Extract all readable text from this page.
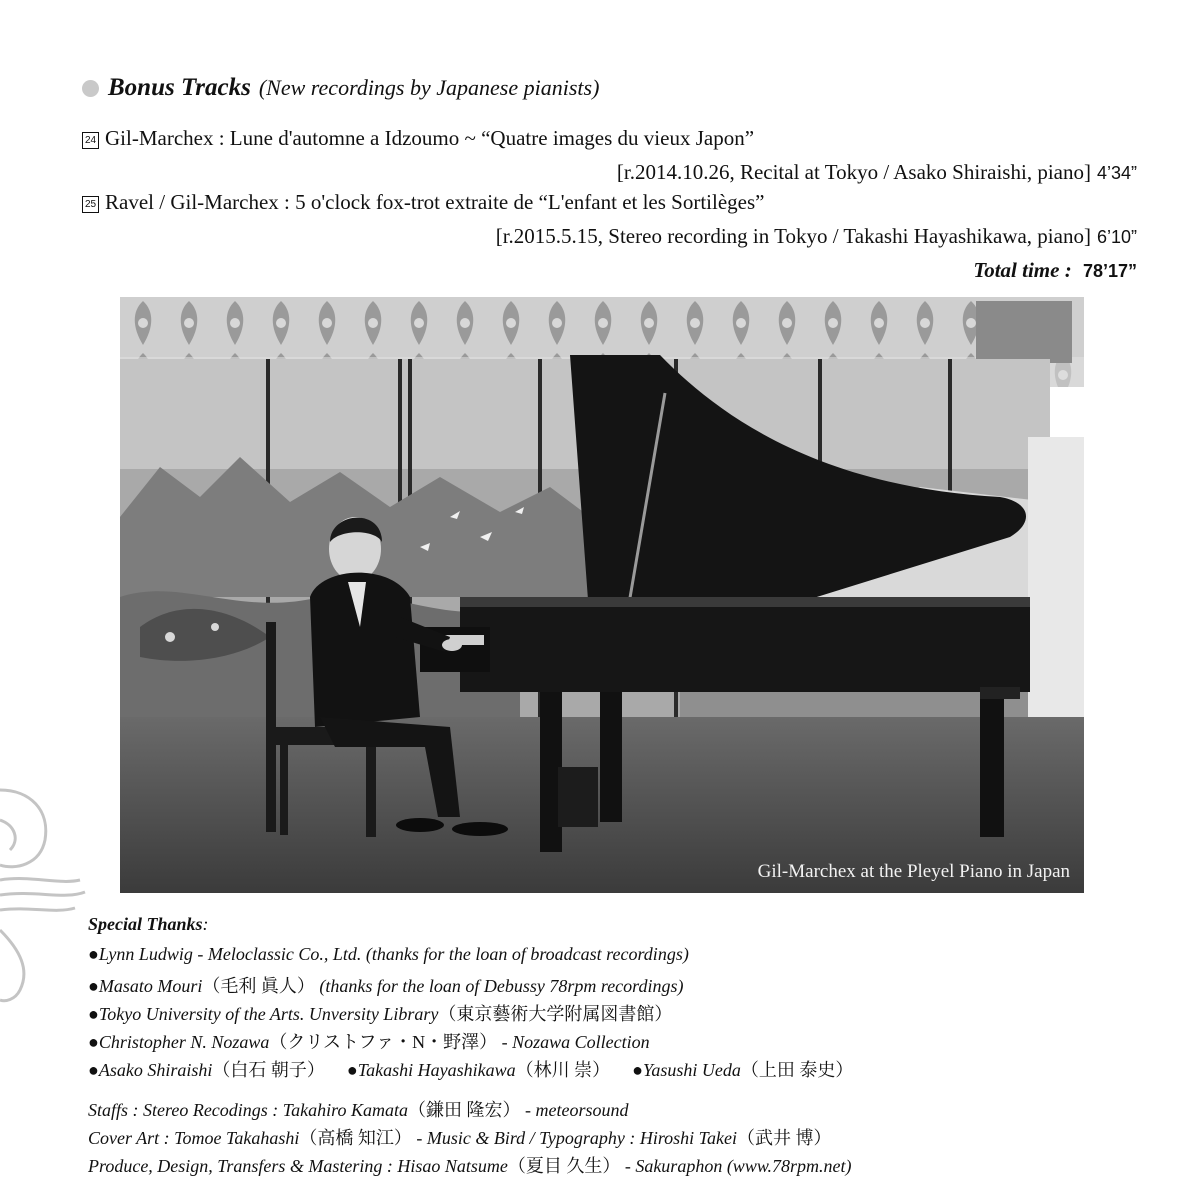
Bonus Tracks (New recordings by Japanese pianists)
24 Gil-Marchex : Lune d'automne a Idzoumo ~ “Quatre images du vieux Japon”
[r.2014.10.26, Recital at Tokyo / Asako Shiraishi, piano] 4’34”
25 Ravel / Gil-Marchex : 5 o'clock fox-trot extraite de “L'enfant et les Sortilèges”
[r.2015.5.15, Stereo recording in Tokyo / Takashi Hayashikawa, piano] 6’10”
Total time : 78’17”
Gil-Marchex at the Pleyel Piano in Japan
Special Thanks:
●Lynn Ludwig - Meloclassic Co., Ltd. (thanks for the loan of broadcast recordings)
●Masato Mouri（毛利 眞人） (thanks for the loan of Debussy 78rpm recordings)
●Tokyo University of the Arts. Unversity Library（東京藝術大学附属図書館）
●Christopher N. Nozawa（クリストファ・N・野澤） - Nozawa Collection
●Asako Shiraishi（白石 朝子） ●Takashi Hayashikawa（林川 崇） ●Yasushi Ueda（上田 泰史）
Staffs : Stereo Recodings : Takahiro Kamata（鎌田 隆宏） - meteorsound
Cover Art : Tomoe Takahashi（高橋 知江） - Music & Bird / Typography : Hiroshi Takei（武井 博）
Produce, Design, Transfers & Mastering : Hisao Natsume（夏目 久生） - Sakuraphon (www.78rpm.net)
